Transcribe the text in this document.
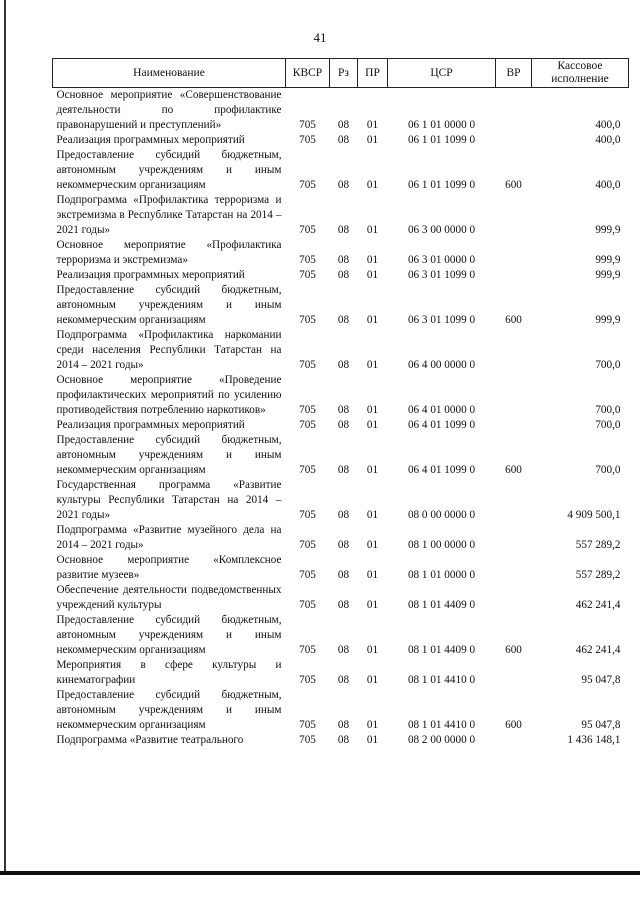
41
Наименование	КВСР	Рз	ПР	ЦСР	ВР	Кассовое исполнение
Основное мероприятие «Совершенствование деятельности по профилактике правонарушений и преступлений»	705	08	01	06 1 01 0000 0		400,0
Реализация программных мероприятий	705	08	01	06 1 01 1099 0		400,0
Предоставление субсидий бюджетным, автономным учреждениям и иным некоммерческим организациям	705	08	01	06 1 01 1099 0	600	400,0
Подпрограмма «Профилактика терроризма и экстремизма в Республике Татарстан на 2014 – 2021 годы»	705	08	01	06 3 00 0000 0		999,9
Основное мероприятие «Профилактика терроризма и экстремизма»	705	08	01	06 3 01 0000 0		999,9
Реализация программных мероприятий	705	08	01	06 3 01 1099 0		999,9
Предоставление субсидий бюджетным, автономным учреждениям и иным некоммерческим организациям	705	08	01	06 3 01 1099 0	600	999,9
Подпрограмма «Профилактика наркомании среди населения Республики Татарстан на 2014 – 2021 годы»	705	08	01	06 4 00 0000 0		700,0
Основное мероприятие «Проведение профилактических мероприятий по усилению противодействия потреблению наркотиков»	705	08	01	06 4 01 0000 0		700,0
Реализация программных мероприятий	705	08	01	06 4 01 1099 0		700,0
Предоставление субсидий бюджетным, автономным учреждениям и иным некоммерческим организациям	705	08	01	06 4 01 1099 0	600	700,0
Государственная программа «Развитие культуры Республики Татарстан на 2014 – 2021 годы»	705	08	01	08 0 00 0000 0		4 909 500,1
Подпрограмма «Развитие музейного дела на 2014 – 2021 годы»	705	08	01	08 1 00 0000 0		557 289,2
Основное мероприятие «Комплексное развитие музеев»	705	08	01	08 1 01 0000 0		557 289,2
Обеспечение деятельности подведомственных учреждений культуры	705	08	01	08 1 01 4409 0		462 241,4
Предоставление субсидий бюджетным, автономным учреждениям и иным некоммерческим организациям	705	08	01	08 1 01 4409 0	600	462 241,4
Мероприятия в сфере культуры и кинематографии	705	08	01	08 1 01 4410 0		95 047,8
Предоставление субсидий бюджетным, автономным учреждениям и иным некоммерческим организациям	705	08	01	08 1 01 4410 0	600	95 047,8
Подпрограмма «Развитие театрального	705	08	01	08 2 00 0000 0		1 436 148,1
